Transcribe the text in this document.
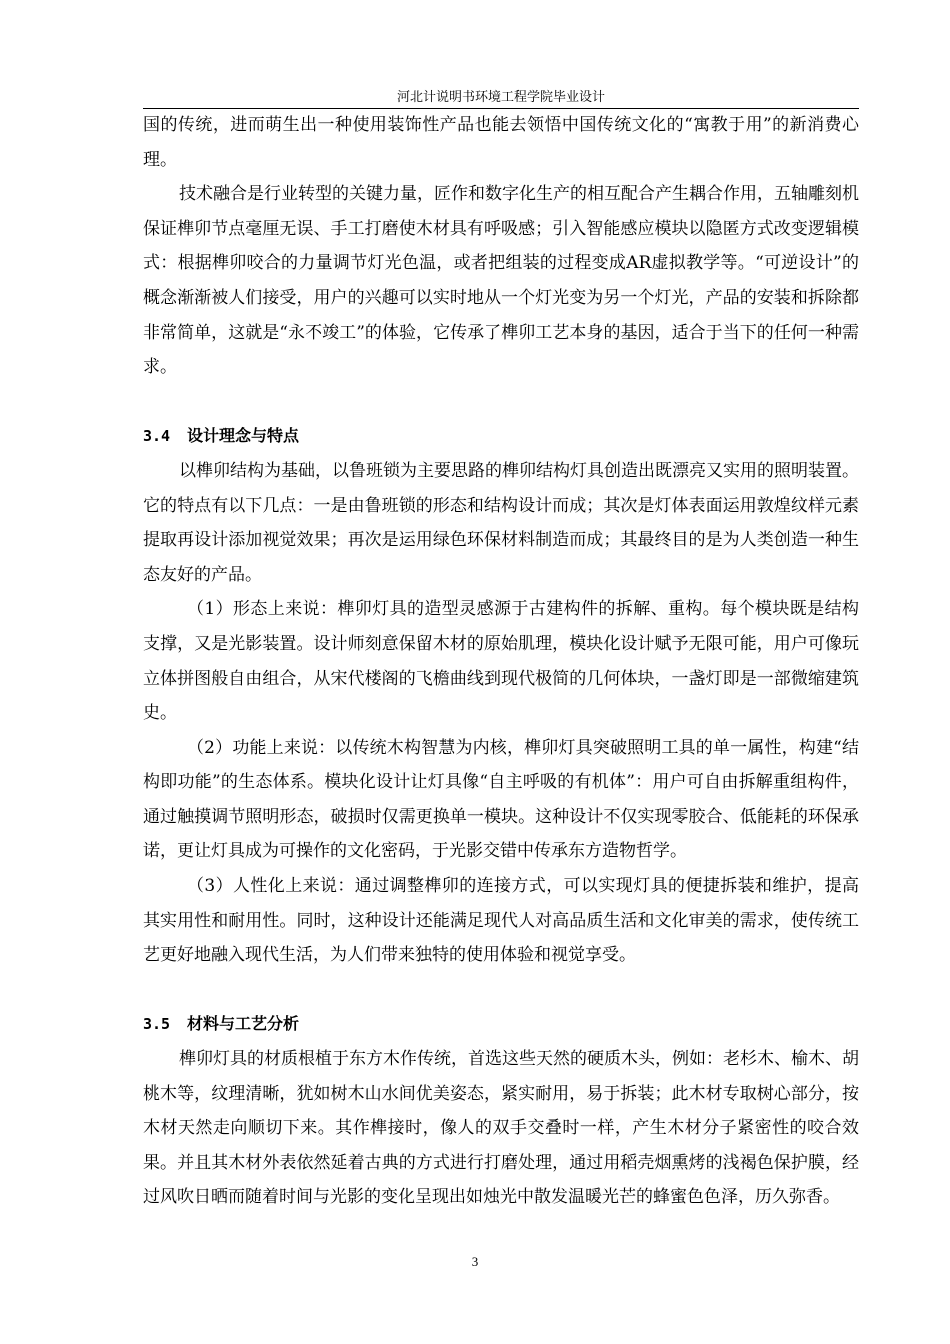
河北计说明书环境工程学院毕业设计

国的传统，进而萌生出一种使用装饰性产品也能去领悟中国传统文化的“寓教于用”的新消费心理。

技术融合是行业转型的关键力量，匠作和数字化生产的相互配合产生耦合作用，五轴雕刻机保证榫卯节点毫厘无误、手工打磨使木材具有呼吸感；引入智能感应模块以隐匿方式改变逻辑模式：根据榫卯咬合的力量调节灯光色温，或者把组装的过程变成AR虚拟教学等。“可逆设计”的概念渐渐被人们接受，用户的兴趣可以实时地从一个灯光变为另一个灯光，产品的安装和拆除都非常简单，这就是“永不竣工”的体验，它传承了榫卯工艺本身的基因，适合于当下的任何一种需求。

3.4 设计理念与特点

以榫卯结构为基础，以鲁班锁为主要思路的榫卯结构灯具创造出既漂亮又实用的照明装置。它的特点有以下几点：一是由鲁班锁的形态和结构设计而成；其次是灯体表面运用敦煌纹样元素提取再设计添加视觉效果；再次是运用绿色环保材料制造而成；其最终目的是为人类创造一种生态友好的产品。

（1）形态上来说：榫卯灯具的造型灵感源于古建构件的拆解、重构。每个模块既是结构支撑，又是光影装置。设计师刻意保留木材的原始肌理，模块化设计赋予无限可能，用户可像玩立体拼图般自由组合，从宋代楼阁的飞檐曲线到现代极简的几何体块，一盏灯即是一部微缩建筑史。

（2）功能上来说：以传统木构智慧为内核，榫卯灯具突破照明工具的单一属性，构建“结构即功能”的生态体系。模块化设计让灯具像“自主呼吸的有机体”：用户可自由拆解重组构件，通过触摸调节照明形态，破损时仅需更换单一模块。这种设计不仅实现零胶合、低能耗的环保承诺，更让灯具成为可操作的文化密码，于光影交错中传承东方造物哲学。

（3）人性化上来说：通过调整榫卯的连接方式，可以实现灯具的便捷拆装和维护，提高其实用性和耐用性。同时，这种设计还能满足现代人对高品质生活和文化审美的需求，使传统工艺更好地融入现代生活，为人们带来独特的使用体验和视觉享受。

3.5 材料与工艺分析

榫卯灯具的材质根植于东方木作传统，首选这些天然的硬质木头，例如：老杉木、榆木、胡桃木等，纹理清晰，犹如树木山水间优美姿态，紧实耐用，易于拆装；此木材专取树心部分，按木材天然走向顺切下来。其作榫接时，像人的双手交叠时一样，产生木材分子紧密性的咬合效果。并且其木材外表依然延着古典的方式进行打磨处理，通过用稻壳烟熏烤的浅褐色保护膜，经过风吹日晒而随着时间与光影的变化呈现出如烛光中散发温暖光芒的蜂蜜色色泽，历久弥香。

3
